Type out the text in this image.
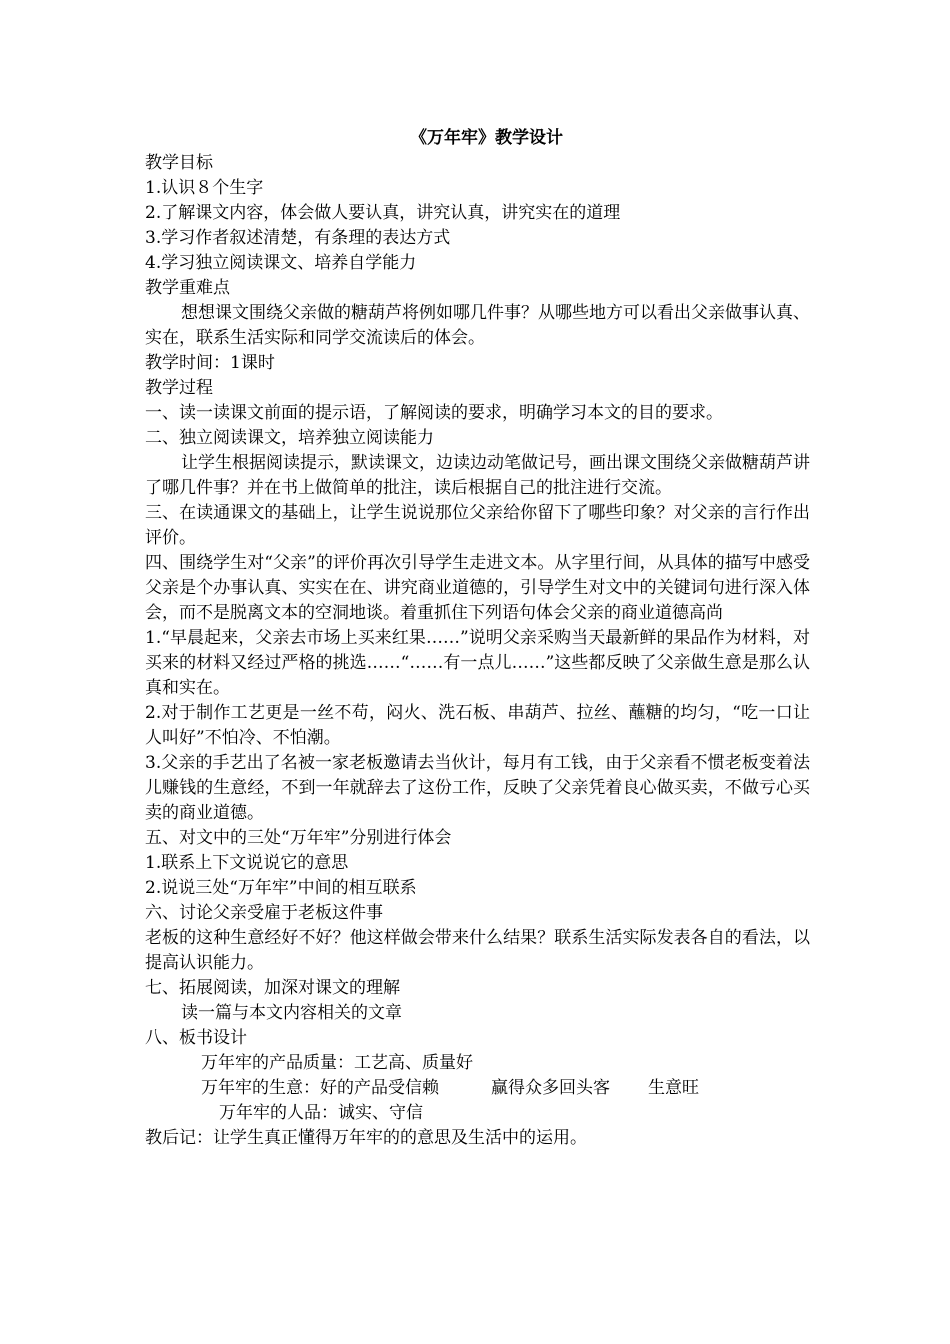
《万年牢》教学设计
教学目标
1.认识８个生字
2.了解课文内容，体会做人要认真，讲究认真，讲究实在的道理
3.学习作者叙述清楚，有条理的表达方式
4.学习独立阅读课文、培养自学能力
教学重难点
想想课文围绕父亲做的糖葫芦将例如哪几件事？从哪些地方可以看出父亲做事认真、实在，联系生活实际和同学交流读后的体会。
教学时间：1课时
教学过程
一、读一读课文前面的提示语，了解阅读的要求，明确学习本文的目的要求。
二、独立阅读课文，培养独立阅读能力
让学生根据阅读提示，默读课文，边读边动笔做记号，画出课文围绕父亲做糖葫芦讲了哪几件事？并在书上做简单的批注，读后根据自己的批注进行交流。
三、在读通课文的基础上，让学生说说那位父亲给你留下了哪些印象？对父亲的言行作出评价。
四、围绕学生对“父亲”的评价再次引导学生走进文本。从字里行间，从具体的描写中感受父亲是个办事认真、实实在在、讲究商业道德的，引导学生对文中的关键词句进行深入体会，而不是脱离文本的空洞地谈。着重抓住下列语句体会父亲的商业道德高尚
1.“早晨起来，父亲去市场上买来红果……”说明父亲采购当天最新鲜的果品作为材料，对买来的材料又经过严格的挑选……“……有一点儿……”这些都反映了父亲做生意是那么认真和实在。
2.对于制作工艺更是一丝不苟，闷火、洗石板、串葫芦、拉丝、蘸糖的均匀，“吃一口让人叫好”不怕冷、不怕潮。
3.父亲的手艺出了名被一家老板邀请去当伙计，每月有工钱，由于父亲看不惯老板变着法儿赚钱的生意经，不到一年就辞去了这份工作，反映了父亲凭着良心做买卖，不做亏心买卖的商业道德。
五、对文中的三处“万年牢”分别进行体会
1.联系上下文说说它的意思
2.说说三处“万年牢”中间的相互联系
六、讨论父亲受雇于老板这件事
老板的这种生意经好不好？他这样做会带来什么结果？联系生活实际发表各自的看法，以提高认识能力。
七、拓展阅读，加深对课文的理解
读一篇与本文内容相关的文章
八、板书设计
万年牢的产品质量：工艺高、质量好
万年牢的生意：好的产品受信赖	赢得众多回头客 生意旺
万年牢的人品：诚实、守信
教后记：让学生真正懂得万年牢的的意思及生活中的运用。
